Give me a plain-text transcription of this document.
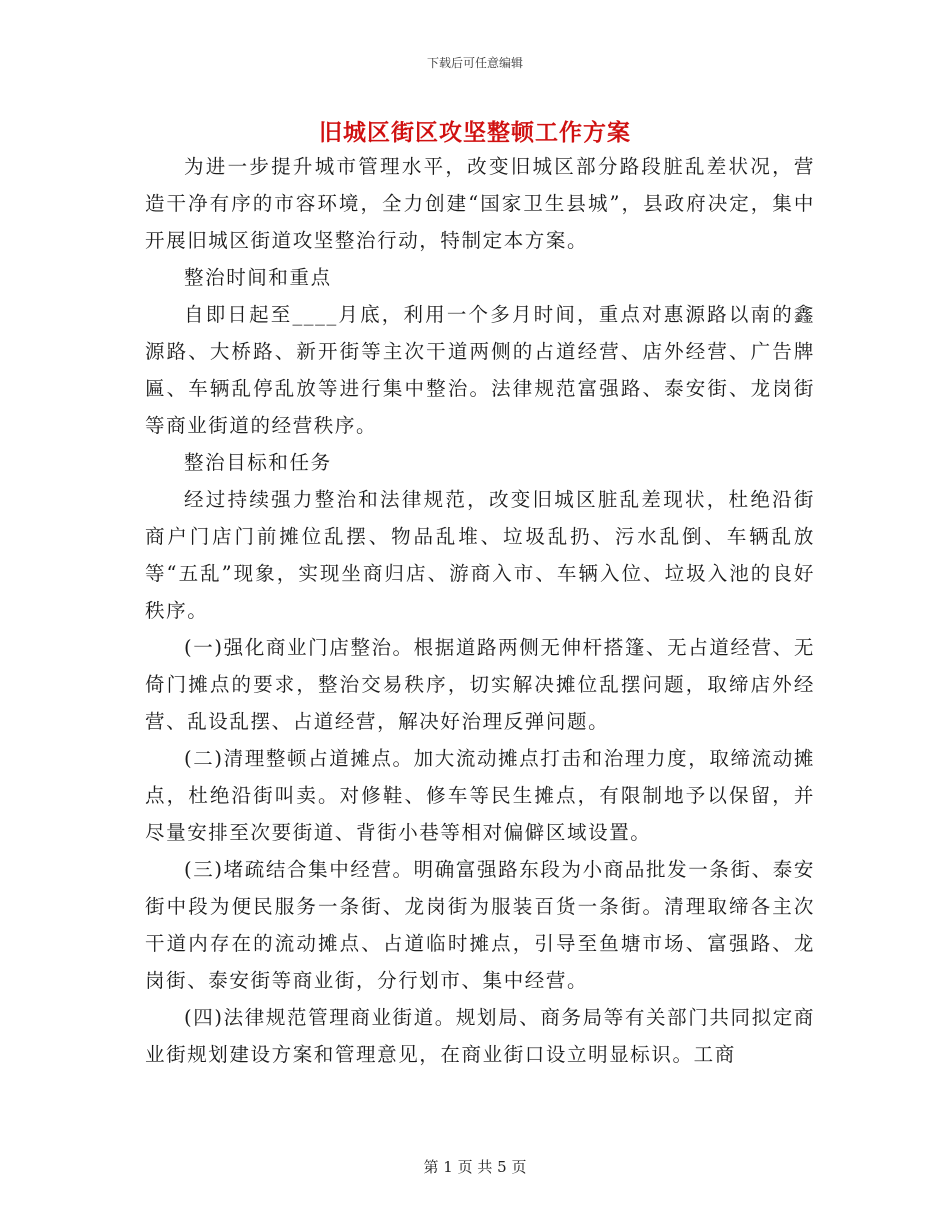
下载后可任意编辑
旧城区街区攻坚整顿工作方案

为进一步提升城市管理水平，改变旧城区部分路段脏乱差状况，营造干净有序的市容环境，全力创建“国家卫生县城”，县政府决定，集中开展旧城区街道攻坚整治行动，特制定本方案。

整治时间和重点

自即日起至____月底，利用一个多月时间，重点对惠源路以南的鑫源路、大桥路、新开街等主次干道两侧的占道经营、店外经营、广告牌匾、车辆乱停乱放等进行集中整治。法律规范富强路、泰安街、龙岗街等商业街道的经营秩序。

整治目标和任务

经过持续强力整治和法律规范，改变旧城区脏乱差现状，杜绝沿街商户门店门前摊位乱摆、物品乱堆、垃圾乱扔、污水乱倒、车辆乱放等“五乱”现象，实现坐商归店、游商入市、车辆入位、垃圾入池的良好秩序。

(一)强化商业门店整治。根据道路两侧无伸杆搭篷、无占道经营、无倚门摊点的要求，整治交易秩序，切实解决摊位乱摆问题，取缔店外经营、乱设乱摆、占道经营，解决好治理反弹问题。

(二)清理整顿占道摊点。加大流动摊点打击和治理力度，取缔流动摊点，杜绝沿街叫卖。对修鞋、修车等民生摊点，有限制地予以保留，并尽量安排至次要街道、背街小巷等相对偏僻区域设置。

(三)堵疏结合集中经营。明确富强路东段为小商品批发一条街、泰安街中段为便民服务一条街、龙岗街为服装百货一条街。清理取缔各主次干道内存在的流动摊点、占道临时摊点，引导至鱼塘市场、富强路、龙岗街、泰安街等商业街，分行划市、集中经营。

(四)法律规范管理商业街道。规划局、商务局等有关部门共同拟定商业街规划建设方案和管理意见，在商业街口设立明显标识。工商

第 1 页 共 5 页
